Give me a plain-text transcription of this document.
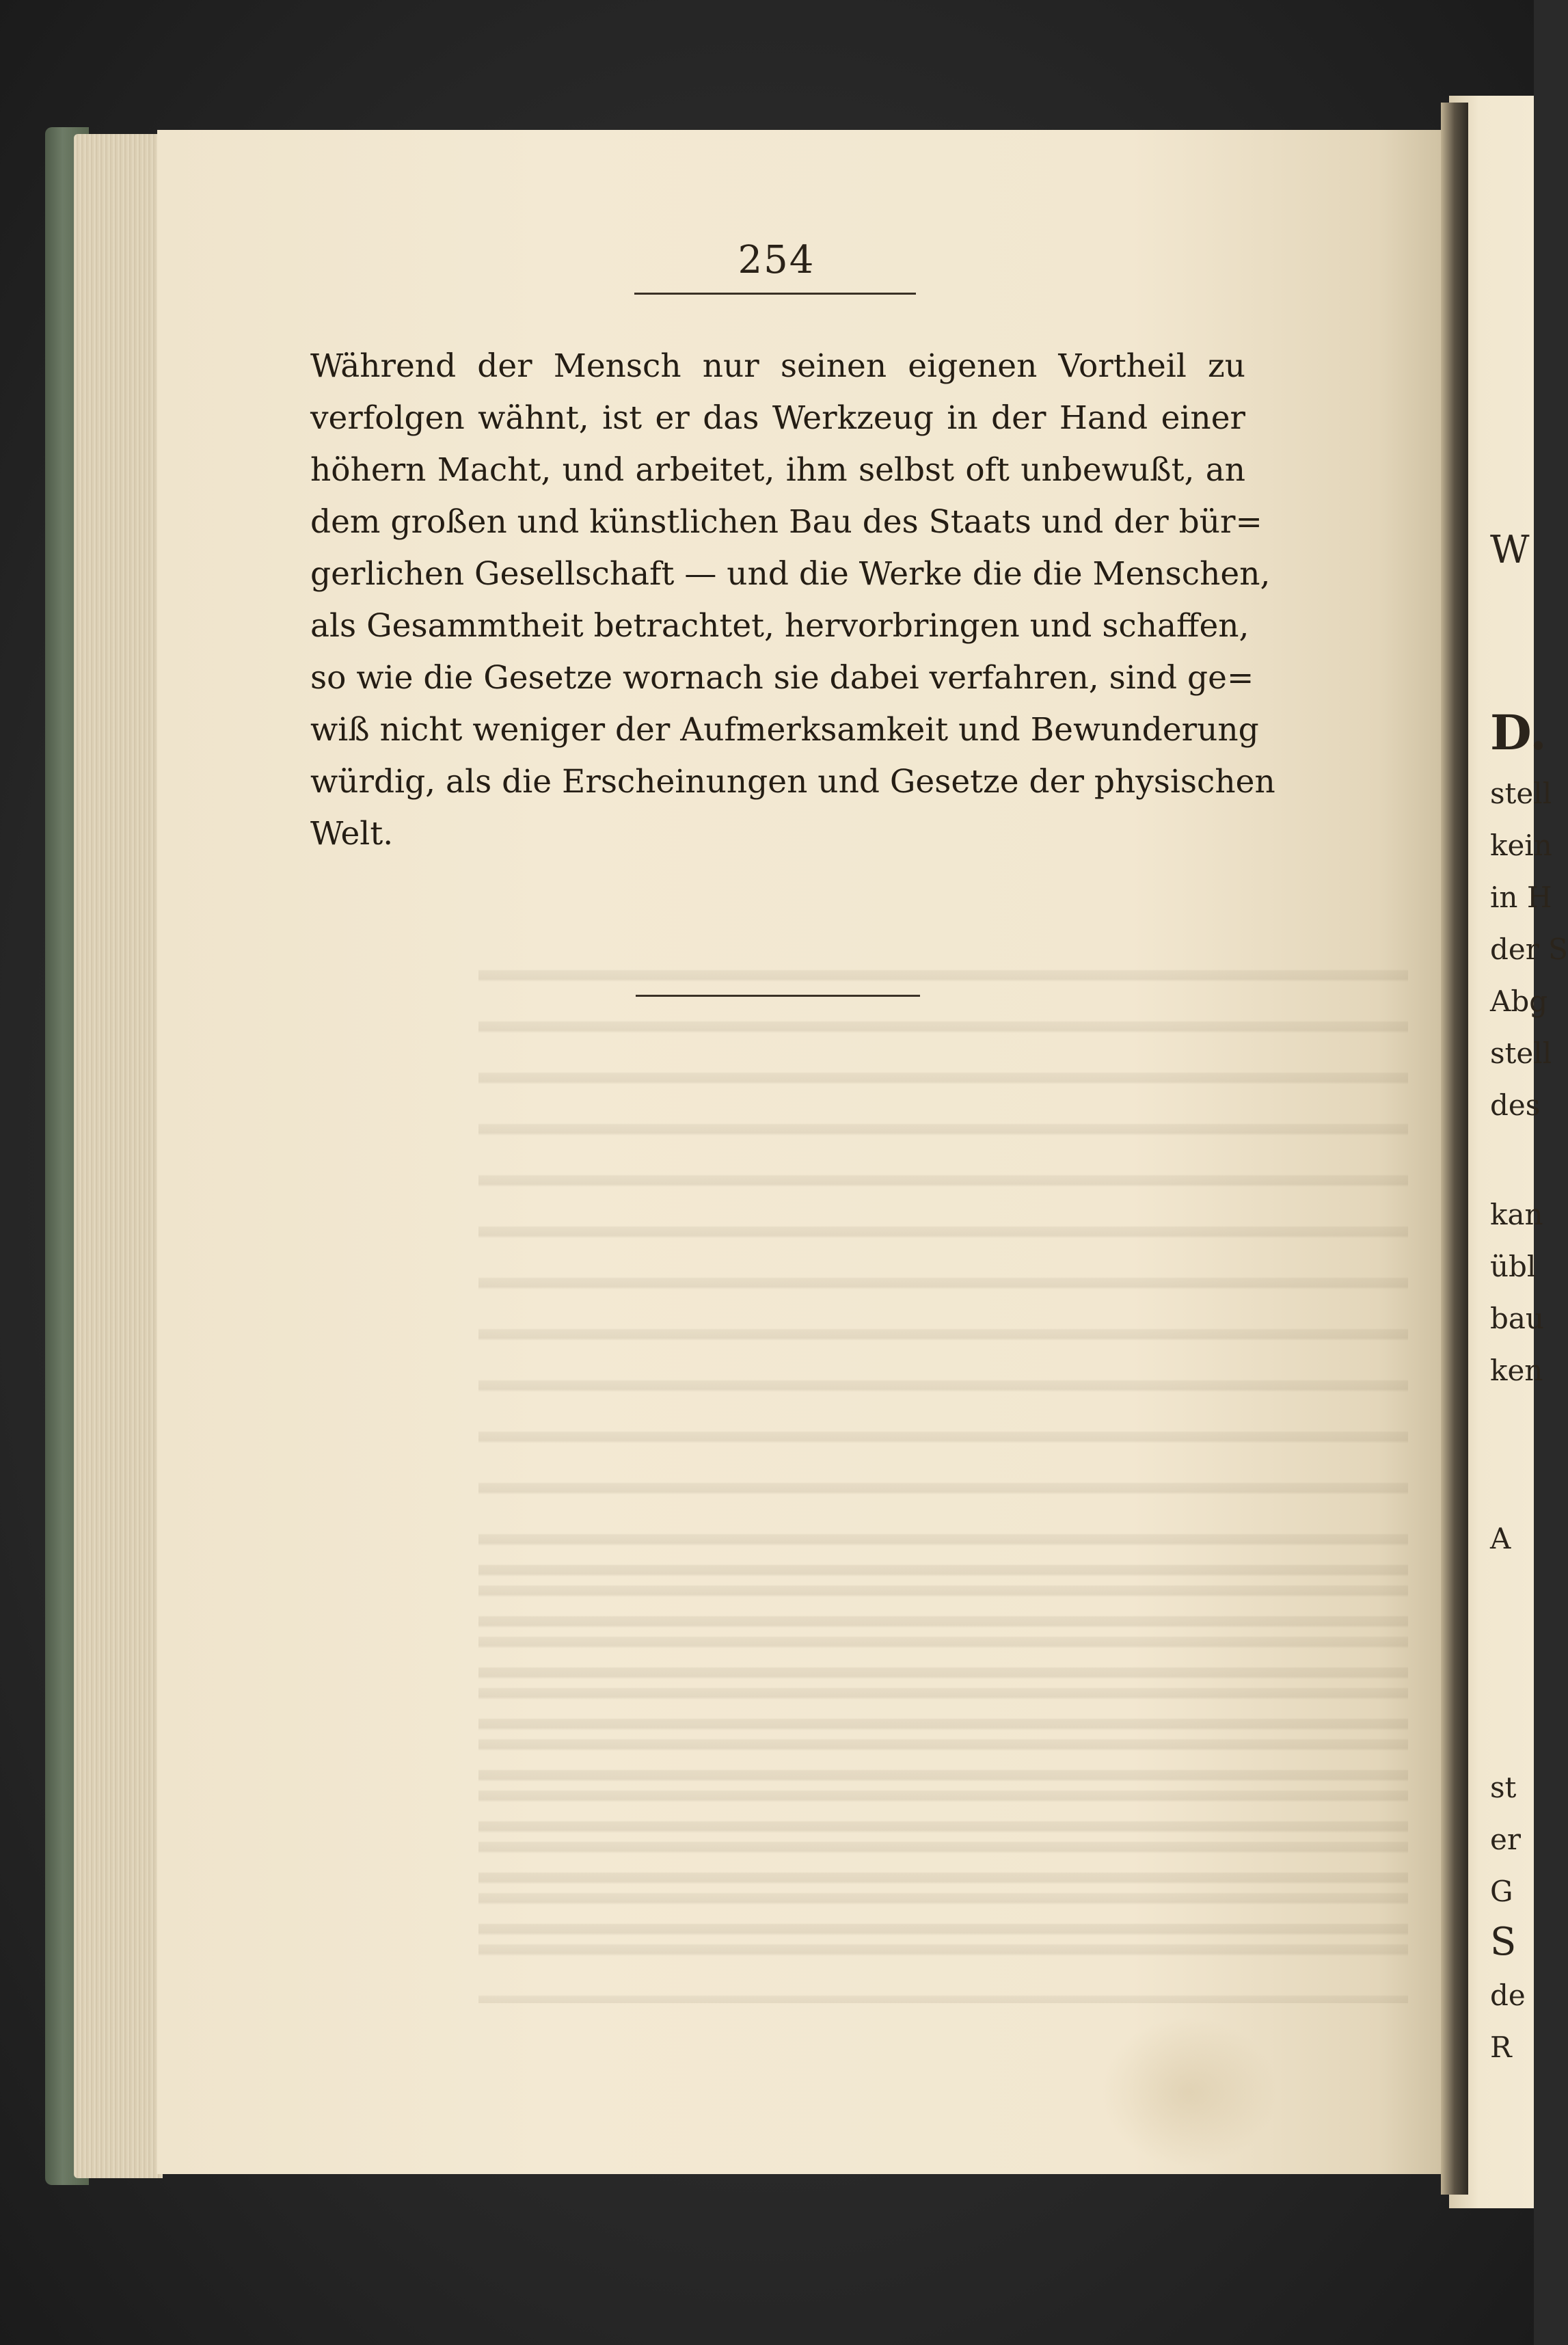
254
Während der Mensch nur seinen eigenen Vortheil zu
verfolgen wähnt, ist er das Werkzeug in der Hand einer
höhern Macht, und arbeitet, ihm selbst oft unbewußt, an
dem großen und künstlichen Bau des Staats und der bür=
gerlichen Gesellschaft — und die Werke die die Menschen,
als Gesammtheit betrachtet, hervorbringen und schaffen,
so wie die Gesetze wornach sie dabei verfahren, sind ge=
wiß nicht weniger der Aufmerksamkeit und Bewunderung
würdig, als die Erscheinungen und Gesetze der physischen
Welt.
W
D.
stell
kein
in H
der S
Abg
stell
des
kan
übl
bau
ken
A
st
er
G
S
de
R
